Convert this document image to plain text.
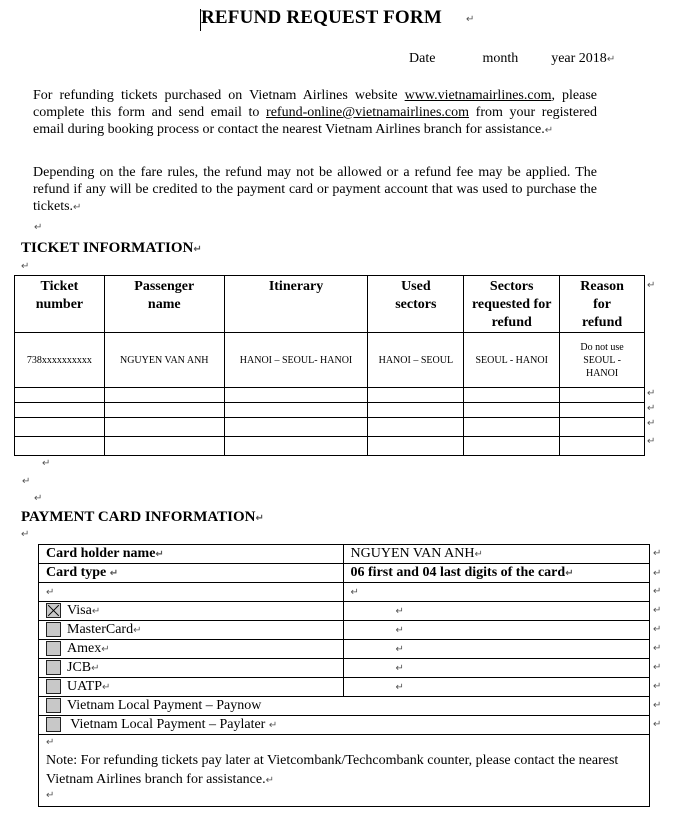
REFUND REQUEST FORM ↵
Date	month year 2018↵
For refunding tickets purchased on Vietnam Airlines website www.vietnamairlines.com, please complete this form and send email to refund-online@vietnamairlines.com from your registered email during booking process or contact the nearest Vietnam Airlines branch for assistance.↵
Depending on the fare rules, the refund may not be allowed or a refund fee may be applied. The refund if any will be credited to the payment card or payment account that was used to purchase the tickets.↵
↵
TICKET INFORMATION↵
↵
Ticket number	Passenger name	Itinerary	Used sectors	Sectors requested for refund	Reason for refund

738xxxxxxxxxx	NGUYEN VAN ANH	HANOI – SEOUL- HANOI	HANOI – SEOUL	SEOUL - HANOI	Do not use SEOUL - HANOI

↵
↵
↵
PAYMENT CARD INFORMATION↵
↵
Card holder name↵	NGUYEN VAN ANH↵
Card type ↵	06 first and 04 last digits of the card↵
↵	↵
Visa↵	↵
MasterCard↵	↵
Amex↵	↵
JCB↵	↵
UATP↵	↵
Vietnam Local Payment – Paynow	
Vietnam Local Payment – Paylater ↵	

↵
Note: For refunding tickets pay later at Vietcombank/Techcombank counter, please contact the nearest Vietnam Airlines branch for assistance.↵
↵	
↵
↵
↵
↵
↵
↵
↵
↵
↵
↵
↵
↵
↵
↵
↵
